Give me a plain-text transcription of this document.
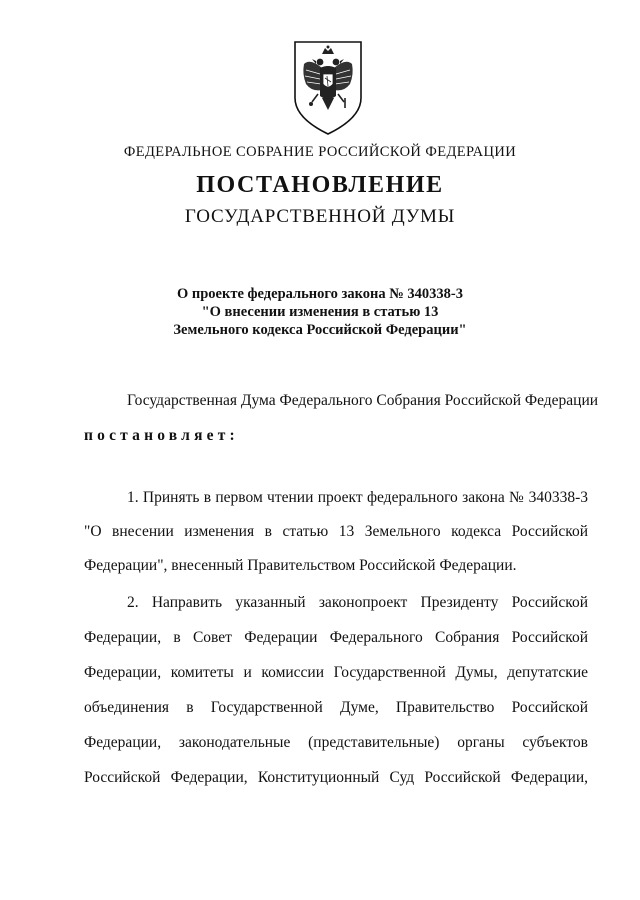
ФЕДЕРАЛЬНОЕ СОБРАНИЕ РОССИЙСКОЙ ФЕДЕРАЦИИ
ПОСТАНОВЛЕНИЕ
ГОСУДАРСТВЕННОЙ ДУМЫ
О проекте федерального закона № 340338-3
"О внесении изменения в статью 13
Земельного кодекса Российской Федерации"
Государственная Дума Федерального Собрания Российской Федерации
постановляет:
1. Принять в первом чтении проект федерального закона № 340338-3
"О внесении изменения в статью 13 Земельного кодекса Российской
Федерации", внесенный Правительством Российской Федерации.
2. Направить указанный законопроект Президенту Российской
Федерации, в Совет Федерации Федерального Собрания Российской
Федерации, комитеты и комиссии Государственной Думы, депутатские
объединения в Государственной Думе, Правительство Российской
Федерации, законодательные (представительные) органы субъектов
Российской Федерации, Конституционный Суд Российской Федерации,
